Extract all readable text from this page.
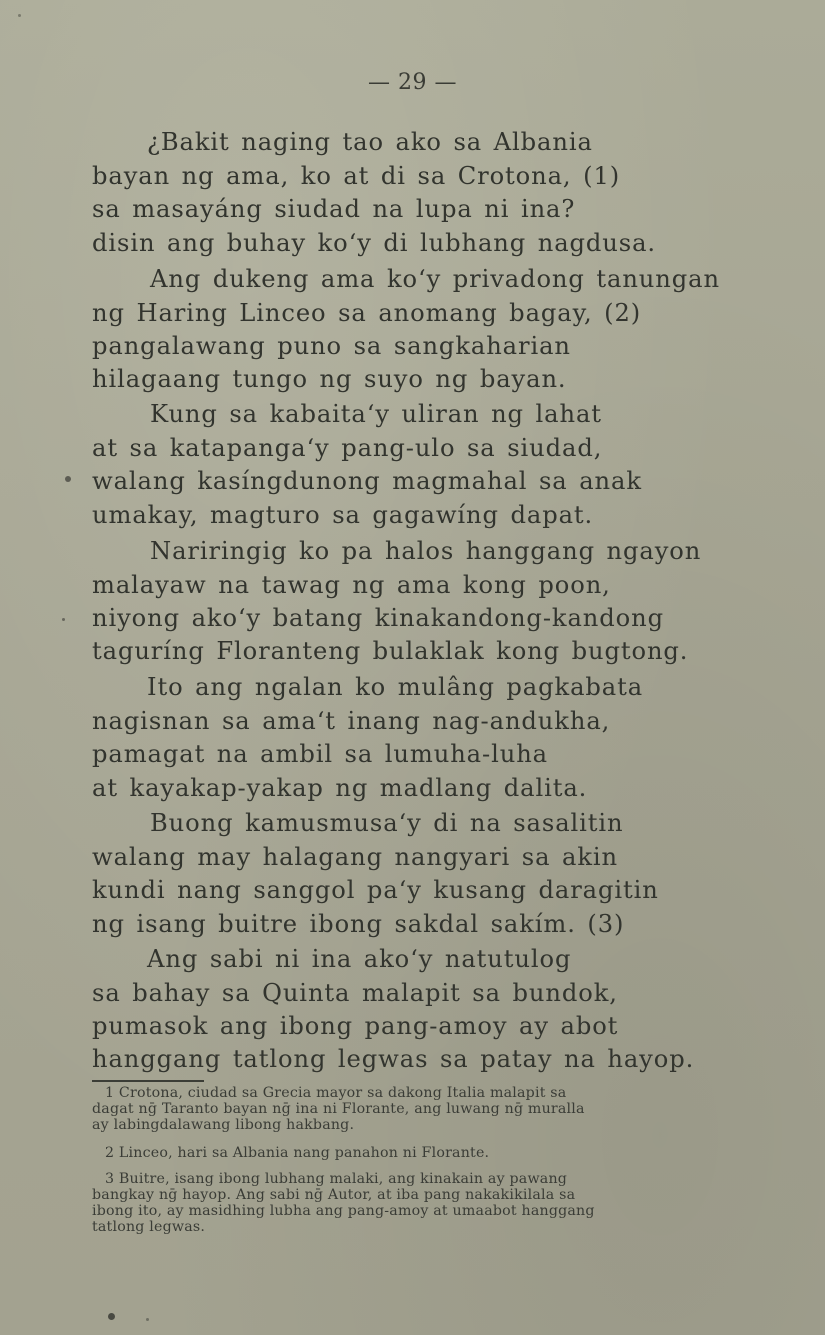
— 29 —
¿Bakit naging tao ako sa Albania
bayan ng ama, ko at di sa Crotona, (1)
sa masayáng siudad na lupa ni ina?
disin ang buhay ko‘y di lubhang nagdusa.
Ang dukeng ama ko‘y privadong tanungan
ng Haring Linceo sa anomang bagay, (2)
pangalawang puno sa sangkaharian
hilagaang tungo ng suyo ng bayan.
Kung sa kabaita‘y uliran ng lahat
at sa katapanga‘y pang-ulo sa siudad,
walang kasíngdunong magmahal sa anak
umakay, magturo sa gagawíng dapat.
Nariringig ko pa halos hanggang ngayon
malayaw na tawag ng ama kong poon,
niyong ako‘y batang kinakandong-kandong
taguríng Floranteng bulaklak kong bugtong.
Ito ang ngalan ko mulâng pagkabata
nagisnan sa ama‘t inang nag-andukha,
pamagat na ambil sa lumuha-luha
at kayakap-yakap ng madlang dalita.
Buong kamusmusa‘y di na sasalitin
walang may halagang nangyari sa akin
kundi nang sanggol pa‘y kusang daragitin
ng isang buitre ibong sakdal sakím. (3)
Ang sabi ni ina ako‘y natutulog
sa bahay sa Quinta malapit sa bundok,
pumasok ang ibong pang-amoy ay abot
hanggang tatlong legwas sa patay na hayop.
1 Crotona, ciudad sa Grecia mayor sa dakong Italia malapit sa
dagat nḡ Taranto bayan nḡ ina ni Florante, ang luwang nḡ muralla
ay labingdalawang libong hakbang.
2 Linceo, hari sa Albania nang panahon ni Florante.
3 Buitre, isang ibong lubhang malaki, ang kinakain ay pawang
bangkay nḡ hayop. Ang sabi nḡ Autor, at iba pang nakakikilala sa
ibong ito, ay masidhing lubha ang pang-amoy at umaabot hanggang
tatlong legwas.
